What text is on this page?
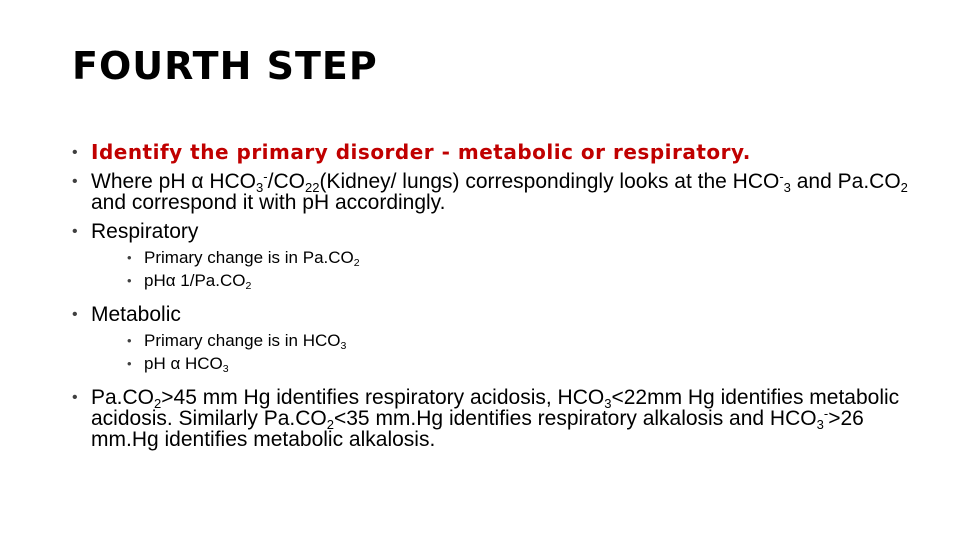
FOURTH STEP
• Identify the primary disorder - metabolic or respiratory.
• Where pH α $HCO_3^-/CO_{22}(Kidney/$ lungs) correspondingly looks at the $HCO^-_3$ and $Pa.CO_2$ and correspond it with pH accordingly.
• Respiratory
• Primary change is in $Pa.CO_2$
• pHα $1/Pa.CO_2$
• Metabolic
• Primary change is in $HCO_3$
• pH α $HCO_3$
• $Pa.CO_2>45$ mm Hg identifies respiratory acidosis, $HCO_3<22mm$ Hg identifies metabolic acidosis. Similarly $Pa.CO_2<35$ mm.Hg identifies respiratory alkalosis and $HCO_3^->26$ mm.Hg identifies metabolic alkalosis.
